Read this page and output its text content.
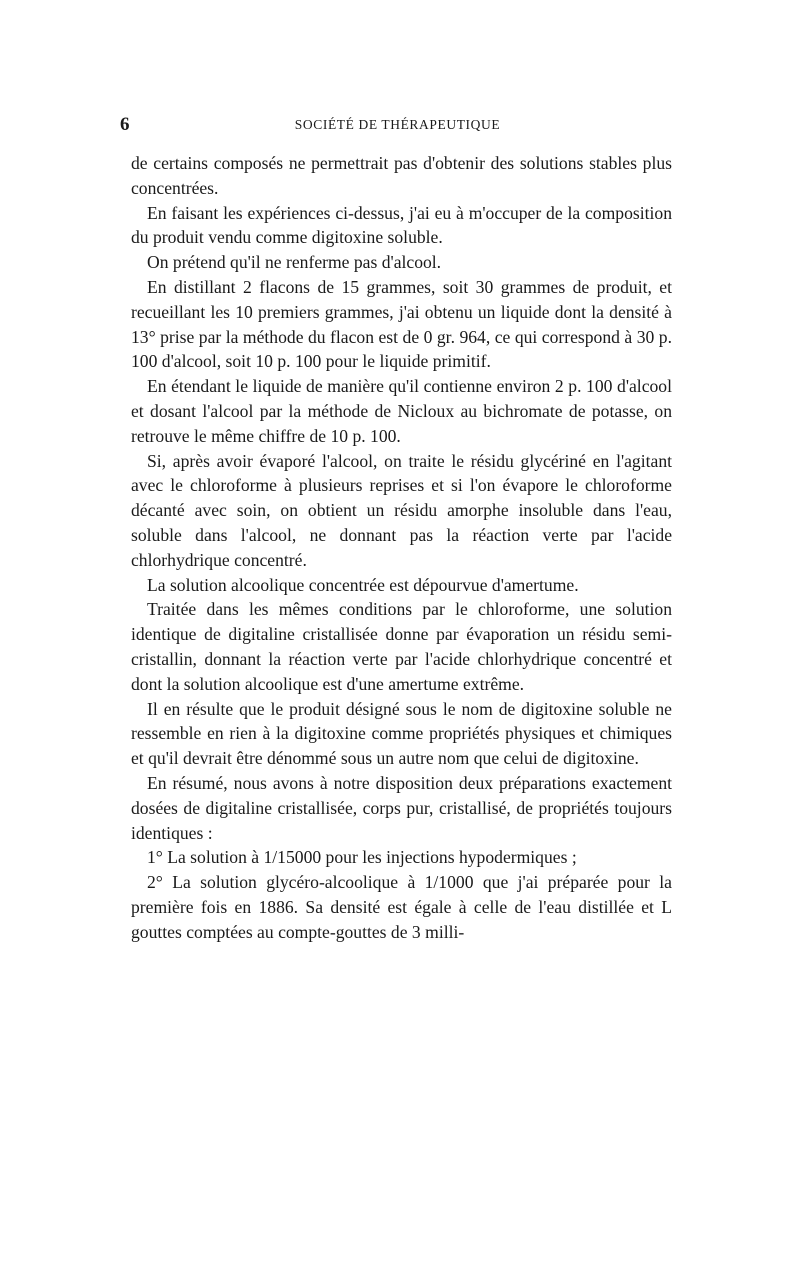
6	SOCIÉTÉ DE THÉRAPEUTIQUE

de certains composés ne permettrait pas d'obtenir des solutions stables plus concentrées.

En faisant les expériences ci-dessus, j'ai eu à m'occuper de la composition du produit vendu comme digitoxine soluble.

On prétend qu'il ne renferme pas d'alcool.

En distillant 2 flacons de 15 grammes, soit 30 grammes de produit, et recueillant les 10 premiers grammes, j'ai obtenu un liquide dont la densité à 13° prise par la méthode du flacon est de 0 gr. 964, ce qui correspond à 30 p. 100 d'alcool, soit 10 p. 100 pour le liquide primitif.

En étendant le liquide de manière qu'il contienne environ 2 p. 100 d'alcool et dosant l'alcool par la méthode de Nicloux au bichromate de potasse, on retrouve le même chiffre de 10 p. 100.

Si, après avoir évaporé l'alcool, on traite le résidu glycériné en l'agitant avec le chloroforme à plusieurs reprises et si l'on évapore le chloroforme décanté avec soin, on obtient un résidu amorphe insoluble dans l'eau, soluble dans l'alcool, ne donnant pas la réaction verte par l'acide chlorhydrique concentré.

La solution alcoolique concentrée est dépourvue d'amertume.

Traitée dans les mêmes conditions par le chloroforme, une solution identique de digitaline cristallisée donne par évaporation un résidu semi-cristallin, donnant la réaction verte par l'acide chlorhydrique concentré et dont la solution alcoolique est d'une amertume extrême.

Il en résulte que le produit désigné sous le nom de digitoxine soluble ne ressemble en rien à la digitoxine comme propriétés physiques et chimiques et qu'il devrait être dénommé sous un autre nom que celui de digitoxine.

En résumé, nous avons à notre disposition deux préparations exactement dosées de digitaline cristallisée, corps pur, cristallisé, de propriétés toujours identiques :

1° La solution à 1/15000 pour les injections hypodermiques ;

2° La solution glycéro-alcoolique à 1/1000 que j'ai préparée pour la première fois en 1886. Sa densité est égale à celle de l'eau distillée et L gouttes comptées au compte-gouttes de 3 milli-
